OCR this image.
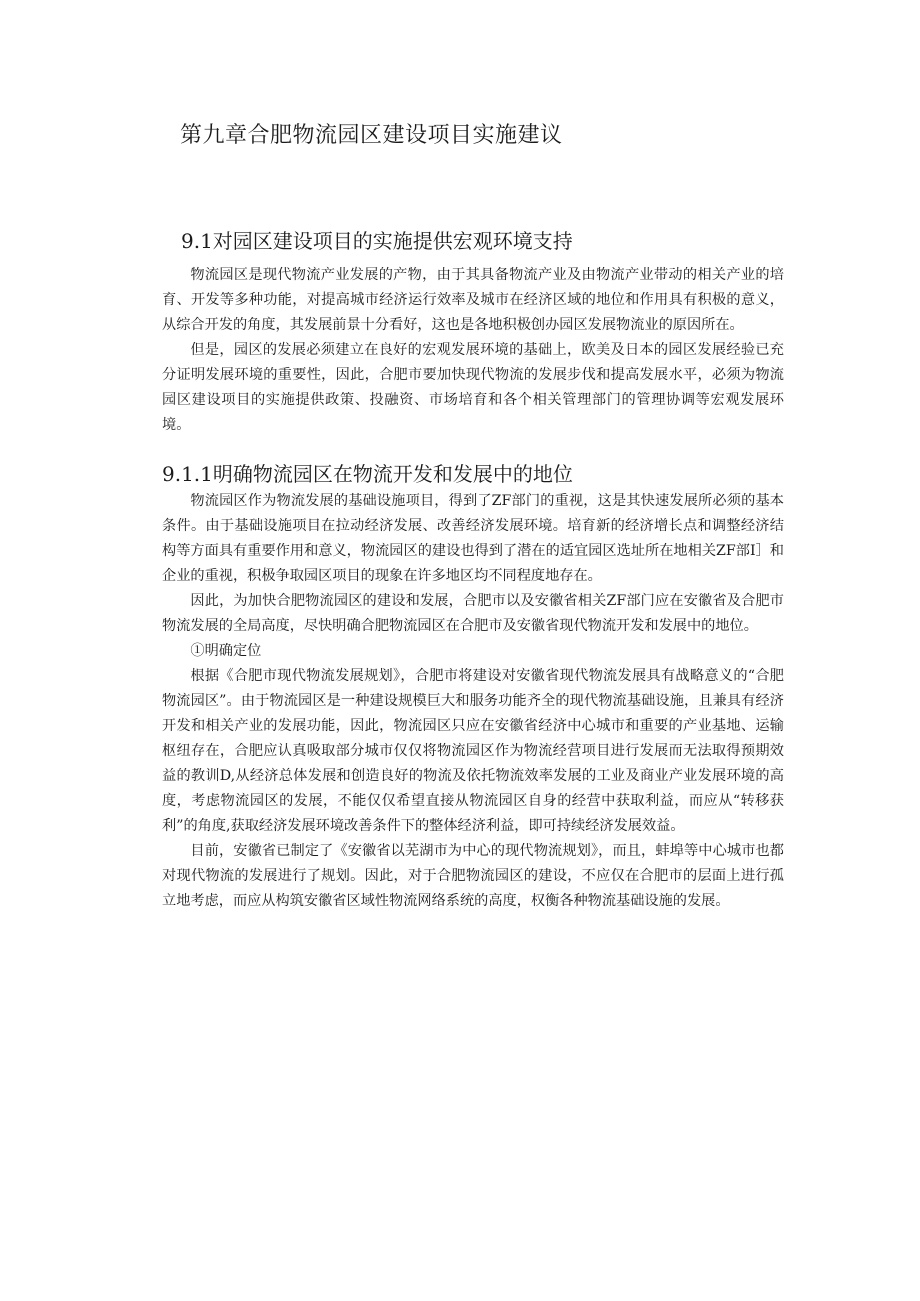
第九章合肥物流园区建设项目实施建议
9.1对园区建设项目的实施提供宏观环境支持

物流园区是现代物流产业发展的产物，由于其具备物流产业及由物流产业带动的相关产业的培育、开发等多种功能，对提高城市经济运行效率及城市在经济区域的地位和作用具有积极的意义，从综合开发的角度，其发展前景十分看好，这也是各地积极创办园区发展物流业的原因所在。

但是，园区的发展必须建立在良好的宏观发展环境的基础上，欧美及日本的园区发展经验已充分证明发展环境的重要性，因此，合肥市要加快现代物流的发展步伐和提高发展水平，必须为物流园区建设项目的实施提供政策、投融资、市场培育和各个相关管理部门的管理协调等宏观发展环境。

9.1.1明确物流园区在物流开发和发展中的地位

物流园区作为物流发展的基础设施项目，得到了ZF部门的重视，这是其快速发展所必须的基本条件。由于基础设施项目在拉动经济发展、改善经济发展环境。培育新的经济增长点和调整经济结构等方面具有重要作用和意义，物流园区的建设也得到了潜在的适宜园区选址所在地相关ZF部I］和企业的重视，积极争取园区项目的现象在许多地区均不同程度地存在。

因此，为加快合肥物流园区的建设和发展，合肥市以及安徽省相关ZF部门应在安徽省及合肥市物流发展的全局高度，尽快明确合肥物流园区在合肥市及安徽省现代物流开发和发展中的地位。

①明确定位

根据《合肥市现代物流发展规划》，合肥市将建设对安徽省现代物流发展具有战略意义的“合肥物流园区”。由于物流园区是一种建设规模巨大和服务功能齐全的现代物流基础设施，且兼具有经济开发和相关产业的发展功能，因此，物流园区只应在安徽省经济中心城市和重要的产业基地、运输枢纽存在，合肥应认真吸取部分城市仅仅将物流园区作为物流经营项目进行发展而无法取得预期效益的教训D,从经济总体发展和创造良好的物流及依托物流效率发展的工业及商业产业发展环境的高度，考虑物流园区的发展，不能仅仅希望直接从物流园区自身的经营中获取利益，而应从“转移获利”的角度,获取经济发展环境改善条件下的整体经济利益，即可持续经济发展效益。

目前，安徽省已制定了《安徽省以芜湖市为中心的现代物流规划》，而且，蚌埠等中心城市也都对现代物流的发展进行了规划。因此，对于合肥物流园区的建设，不应仅在合肥市的层面上进行孤立地考虑，而应从构筑安徽省区域性物流网络系统的高度，权衡各种物流基础设施的发展。
